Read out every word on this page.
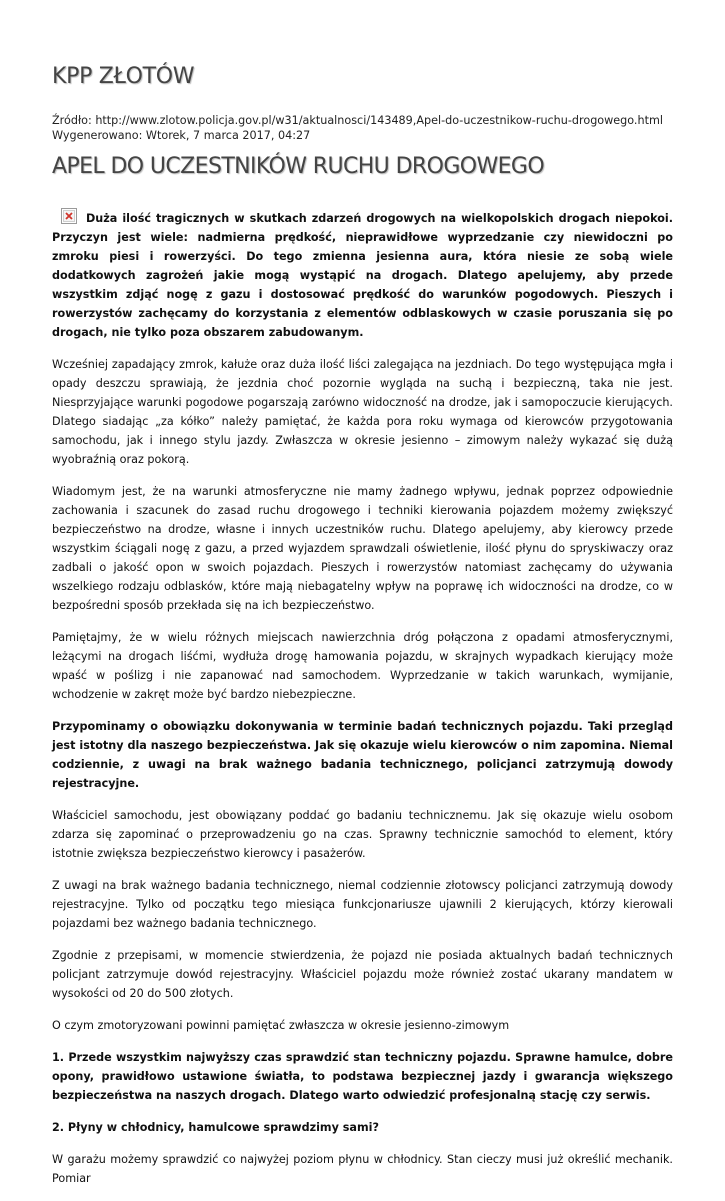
KPP ZŁOTÓW
Źródło: http://www.zlotow.policja.gov.pl/w31/aktualnosci/143489,Apel-do-uczestnikow-ruchu-drogowego.html
Wygenerowano: Wtorek, 7 marca 2017, 04:27
APEL DO UCZESTNIKÓW RUCHU DROGOWEGO

Duża ilość tragicznych w skutkach zdarzeń drogowych na wielkopolskich drogach niepokoi. Przyczyn jest wiele: nadmierna prędkość, nieprawidłowe wyprzedzanie czy niewidoczni po zmroku piesi i rowerzyści. Do tego zmienna jesienna aura, która niesie ze sobą wiele dodatkowych zagrożeń jakie mogą wystąpić na drogach. Dlatego apelujemy, aby przede wszystkim zdjąć nogę z gazu i dostosować prędkość do warunków pogodowych. Pieszych i rowerzystów zachęcamy do korzystania z elementów odblaskowych w czasie poruszania się po drogach, nie tylko poza obszarem zabudowanym.

Wcześniej zapadający zmrok, kałuże oraz duża ilość liści zalegająca na jezdniach. Do tego występująca mgła i opady deszczu sprawiają, że jezdnia choć pozornie wygląda na suchą i bezpieczną, taka nie jest. Niesprzyjające warunki pogodowe pogarszają zarówno widoczność na drodze, jak i samopoczucie kierujących. Dlatego siadając „za kółko” należy pamiętać, że każda pora roku wymaga od kierowców przygotowania samochodu, jak i innego stylu jazdy. Zwłaszcza w okresie jesienno – zimowym należy wykazać się dużą wyobraźnią oraz pokorą.

Wiadomym jest, że na warunki atmosferyczne nie mamy żadnego wpływu, jednak poprzez odpowiednie zachowania i szacunek do zasad ruchu drogowego i techniki kierowania pojazdem możemy zwiększyć bezpieczeństwo na drodze, własne i innych uczestników ruchu. Dlatego apelujemy, aby kierowcy przede wszystkim ściągali nogę z gazu, a przed wyjazdem sprawdzali oświetlenie, ilość płynu do spryskiwaczy oraz zadbali o jakość opon w swoich pojazdach. Pieszych i rowerzystów natomiast zachęcamy do używania wszelkiego rodzaju odblasków, które mają niebagatelny wpływ na poprawę ich widoczności na drodze, co w bezpośredni sposób przekłada się na ich bezpieczeństwo.

Pamiętajmy, że w wielu różnych miejscach nawierzchnia dróg połączona z opadami atmosferycznymi, leżącymi na drogach liśćmi, wydłuża drogę hamowania pojazdu, w skrajnych wypadkach kierujący może wpaść w poślizg i nie zapanować nad samochodem. Wyprzedzanie w takich warunkach, wymijanie, wchodzenie w zakręt może być bardzo niebezpieczne.

Przypominamy o obowiązku dokonywania w terminie badań technicznych pojazdu. Taki przegląd jest istotny dla naszego bezpieczeństwa. Jak się okazuje wielu kierowców o nim zapomina. Niemal codziennie, z uwagi na brak ważnego badania technicznego, policjanci zatrzymują dowody rejestracyjne.

Właściciel samochodu, jest obowiązany poddać go badaniu technicznemu. Jak się okazuje wielu osobom zdarza się zapominać o przeprowadzeniu go na czas. Sprawny technicznie samochód to element, który istotnie zwiększa bezpieczeństwo kierowcy i pasażerów.

Z uwagi na brak ważnego badania technicznego, niemal codziennie złotowscy policjanci zatrzymują dowody rejestracyjne. Tylko od początku tego miesiąca funkcjonariusze ujawnili 2 kierujących, którzy kierowali pojazdami bez ważnego badania technicznego.

Zgodnie z przepisami, w momencie stwierdzenia, że pojazd nie posiada aktualnych badań technicznych policjant zatrzymuje dowód rejestracyjny. Właściciel pojazdu może również zostać ukarany mandatem w wysokości od 20 do 500 złotych.

O czym zmotoryzowani powinni pamiętać zwłaszcza w okresie jesienno-zimowym

1. Przede wszystkim najwyższy czas sprawdzić stan techniczny pojazdu. Sprawne hamulce, dobre opony, prawidłowo ustawione światła, to podstawa bezpiecznej jazdy i gwarancja większego bezpieczeństwa na naszych drogach. Dlatego warto odwiedzić profesjonalną stację czy serwis.

2. Płyny w chłodnicy, hamulcowe sprawdzimy sami?

W garażu możemy sprawdzić co najwyżej poziom płynu w chłodnicy. Stan cieczy musi już określić mechanik. Pomiar
